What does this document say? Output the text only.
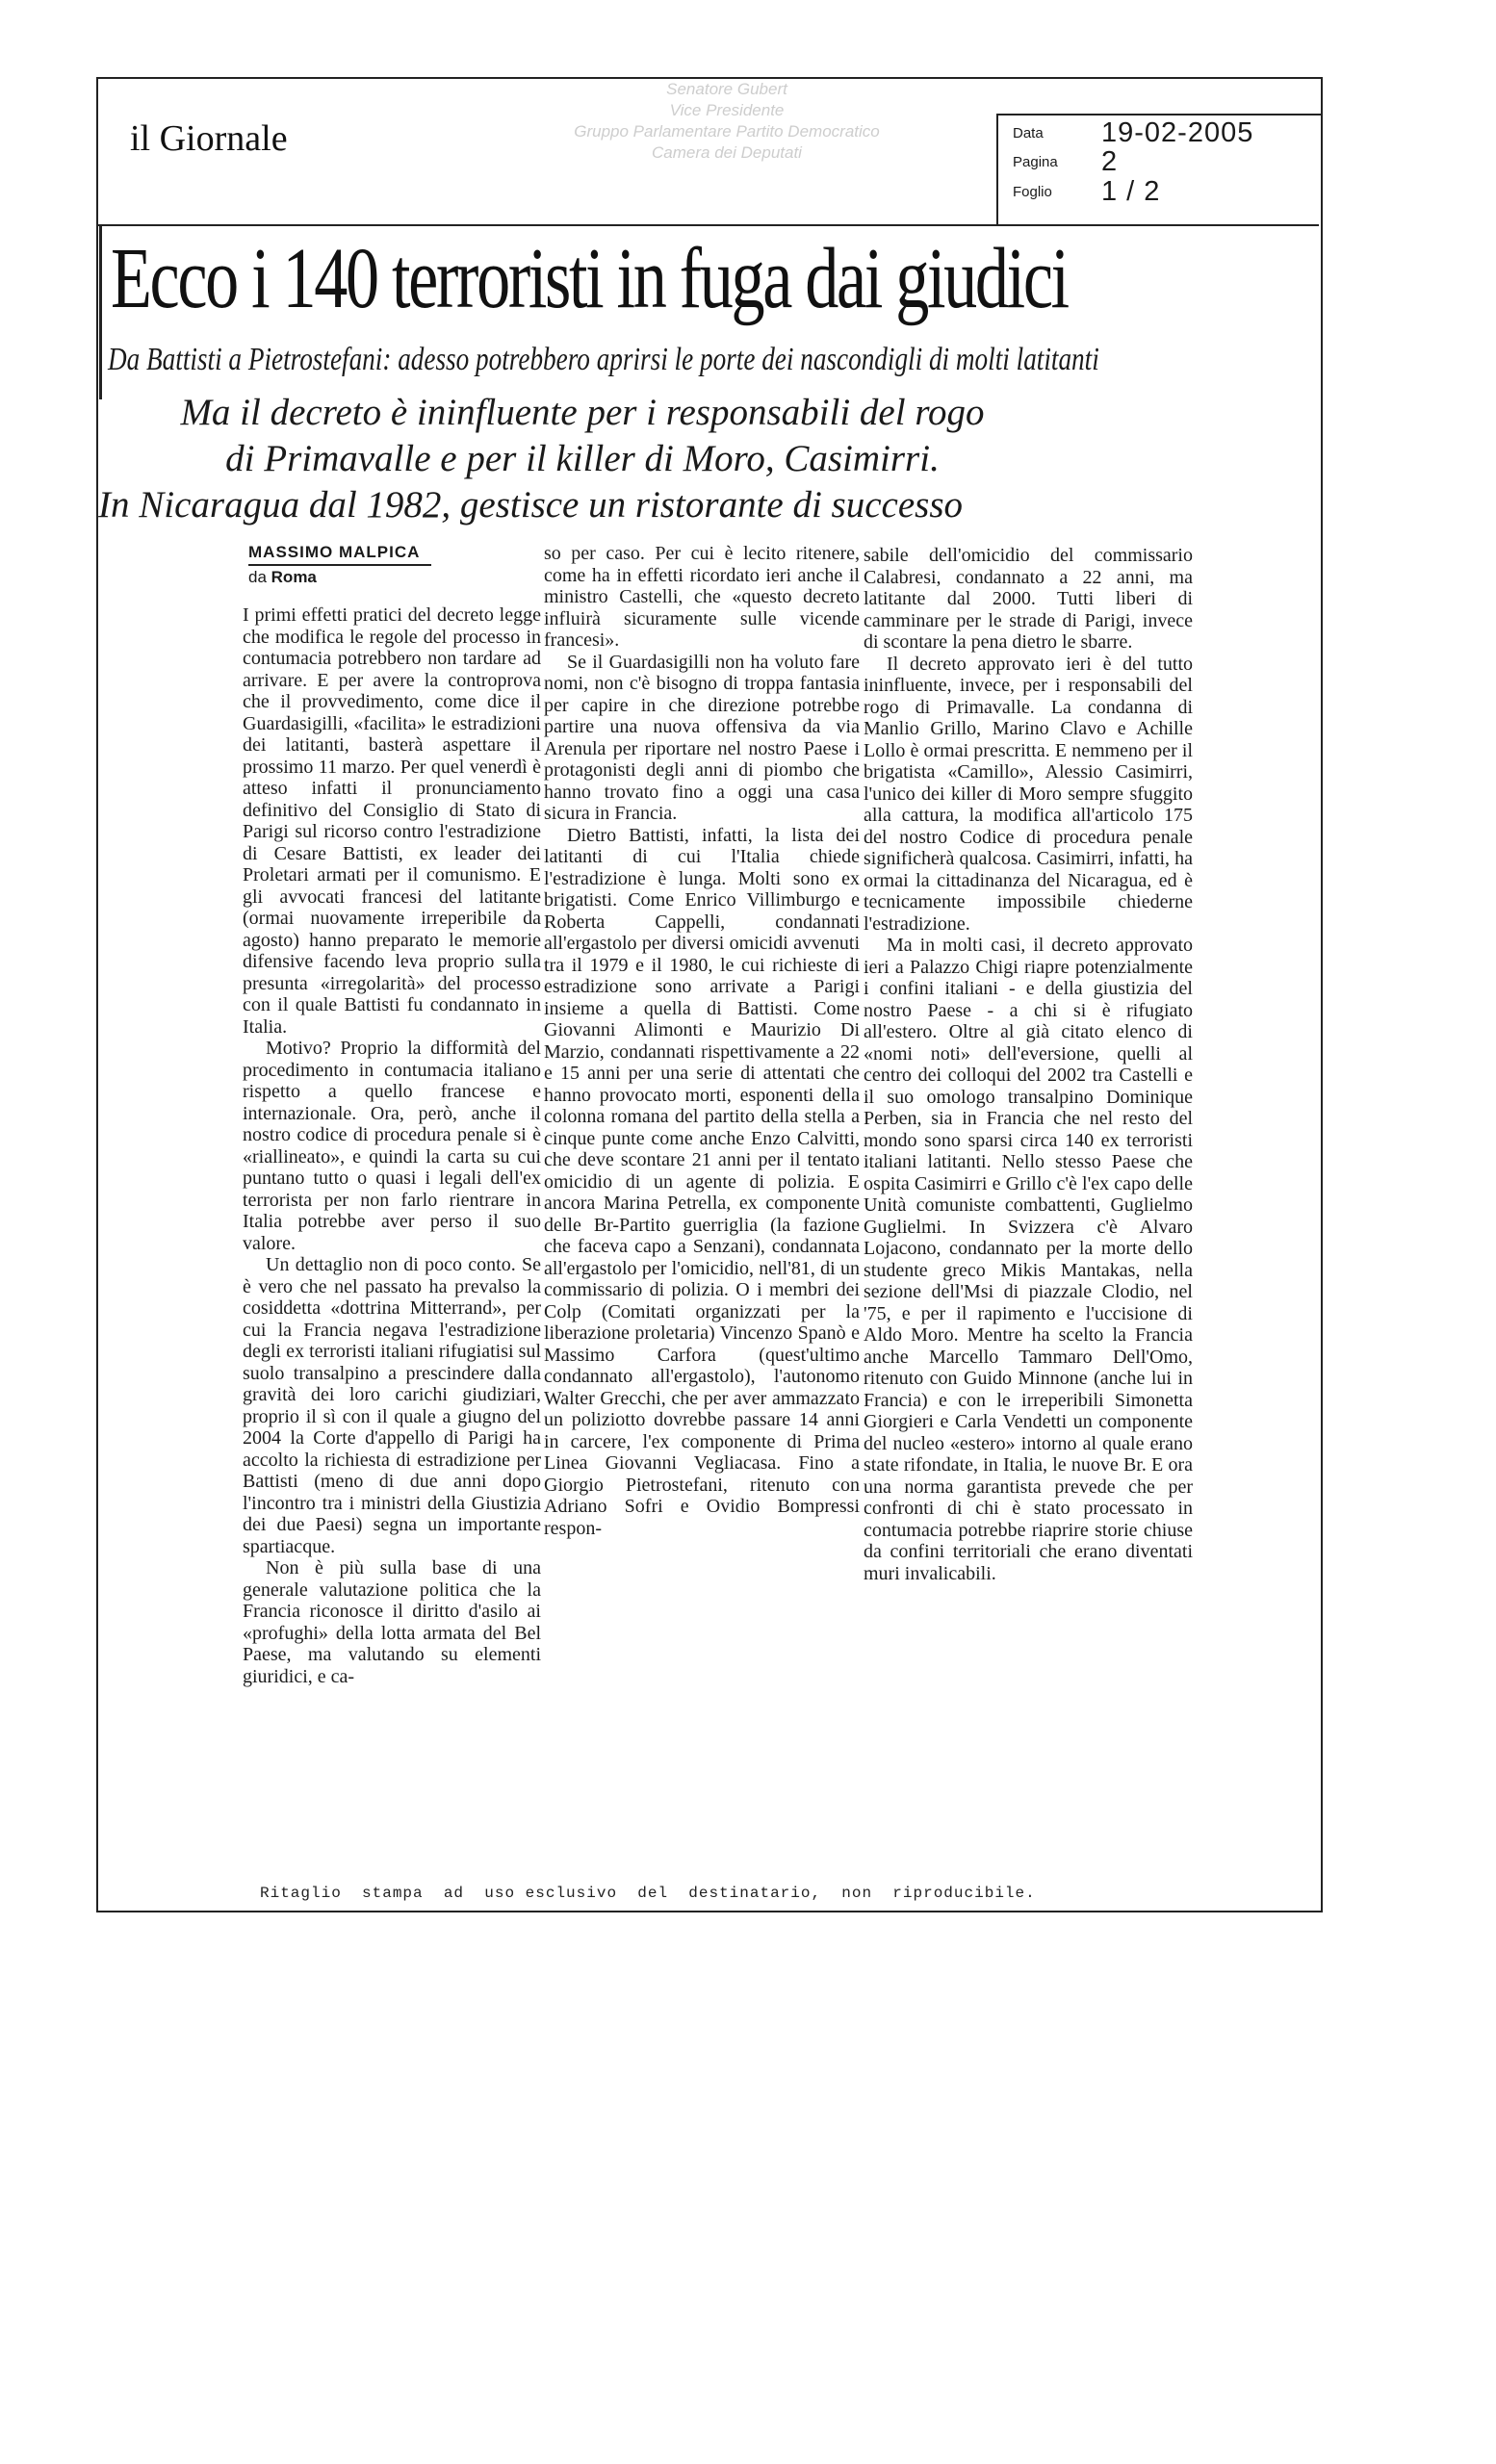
il Giornale
Senatore Gubert
Vice Presidente
Gruppo Parlamentare Partito Democratico
Camera dei Deputati
Data 19-02-2005
Pagina 2
Foglio 1 / 2
Ecco i 140 terroristi in fuga dai giudici
Da Battisti a Pietrostefani: adesso potrebbero aprirsi le porte dei nascondigli di molti latitanti
Ma il decreto è ininfluente per i responsabili del rogo
di Primavalle e per il killer di Moro, Casimirri.
In Nicaragua dal 1982, gestisce un ristorante di successo
MASSIMO MALPICA
da Roma

I primi effetti pratici del decreto legge che modifica le regole del processo in contumacia potrebbero non tardare ad arrivare. E per avere la controprova che il provvedimento, come dice il Guardasigilli, «facilita» le estradizioni dei latitanti, basterà aspettare il prossimo 11 marzo. Per quel venerdì è atteso infatti il pronunciamento definitivo del Consiglio di Stato di Parigi sul ricorso contro l'estradizione di Cesare Battisti, ex leader dei Proletari armati per il comunismo. E gli avvocati francesi del latitante (ormai nuovamente irreperibile da agosto) hanno preparato le memorie difensive facendo leva proprio sulla presunta «irregolarità» del processo con il quale Battisti fu condannato in Italia.

Motivo? Proprio la difformità del procedimento in contumacia italiano rispetto a quello francese e internazionale. Ora, però, anche il nostro codice di procedura penale si è «riallineato», e quindi la carta su cui puntano tutto o quasi i legali dell'ex terrorista per non farlo rientrare in Italia potrebbe aver perso il suo valore.

Un dettaglio non di poco conto. Se è vero che nel passato ha prevalso la cosiddetta «dottrina Mitterrand», per cui la Francia negava l'estradizione degli ex terroristi italiani rifugiatisi sul suolo transalpino a prescindere dalla gravità dei loro carichi giudiziari, proprio il sì con il quale a giugno del 2004 la Corte d'appello di Parigi ha accolto la richiesta di estradizione per Battisti (meno di due anni dopo l'incontro tra i ministri della Giustizia dei due Paesi) segna un importante spartiacque.

Non è più sulla base di una generale valutazione politica che la Francia riconosce il diritto d'asilo ai «profughi» della lotta armata del Bel Paese, ma valutando su elementi giuridici, e ca-

so per caso. Per cui è lecito ritenere, come ha in effetti ricordato ieri anche il ministro Castelli, che «questo decreto influirà sicuramente sulle vicende francesi».

Se il Guardasigilli non ha voluto fare nomi, non c'è bisogno di troppa fantasia per capire in che direzione potrebbe partire una nuova offensiva da via Arenula per riportare nel nostro Paese i protagonisti degli anni di piombo che hanno trovato fino a oggi una casa sicura in Francia.

Dietro Battisti, infatti, la lista dei latitanti di cui l'Italia chiede l'estradizione è lunga. Molti sono ex brigatisti. Come Enrico Villimburgo e Roberta Cappelli, condannati all'ergastolo per diversi omicidi avvenuti tra il 1979 e il 1980, le cui richieste di estradizione sono arrivate a Parigi insieme a quella di Battisti. Come Giovanni Alimonti e Maurizio Di Marzio, condannati rispettivamente a 22 e 15 anni per una serie di attentati che hanno provocato morti, esponenti della colonna romana del partito della stella a cinque punte come anche Enzo Calvitti, che deve scontare 21 anni per il tentato omicidio di un agente di polizia. E ancora Marina Petrella, ex componente delle Br-Partito guerriglia (la fazione che faceva capo a Senzani), condannata all'ergastolo per l'omicidio, nell'81, di un commissario di polizia. O i membri dei Colp (Comitati organizzati per la liberazione proletaria) Vincenzo Spanò e Massimo Carfora (quest'ultimo condannato all'ergastolo), l'autonomo Walter Grecchi, che per aver ammazzato un poliziotto dovrebbe passare 14 anni in carcere, l'ex componente di Prima Linea Giovanni Vegliacasa. Fino a Giorgio Pietrostefani, ritenuto con Adriano Sofri e Ovidio Bompressi respon-

sabile dell'omicidio del commissario Calabresi, condannato a 22 anni, ma latitante dal 2000. Tutti liberi di camminare per le strade di Parigi, invece di scontare la pena dietro le sbarre.

Il decreto approvato ieri è del tutto ininfluente, invece, per i responsabili del rogo di Primavalle. La condanna di Manlio Grillo, Marino Clavo e Achille Lollo è ormai prescritta. E nemmeno per il brigatista «Camillo», Alessio Casimirri, l'unico dei killer di Moro sempre sfuggito alla cattura, la modifica all'articolo 175 del nostro Codice di procedura penale significherà qualcosa. Casimirri, infatti, ha ormai la cittadinanza del Nicaragua, ed è tecnicamente impossibile chiederne l'estradizione.

Ma in molti casi, il decreto approvato ieri a Palazzo Chigi riapre potenzialmente i confini italiani - e della giustizia del nostro Paese - a chi si è rifugiato all'estero. Oltre al già citato elenco di «nomi noti» dell'eversione, quelli al centro dei colloqui del 2002 tra Castelli e il suo omologo transalpino Dominique Perben, sia in Francia che nel resto del mondo sono sparsi circa 140 ex terroristi italiani latitanti. Nello stesso Paese che ospita Casimirri e Grillo c'è l'ex capo delle Unità comuniste combattenti, Guglielmo Guglielmi. In Svizzera c'è Alvaro Lojacono, condannato per la morte dello studente greco Mikis Mantakas, nella sezione dell'Msi di piazzale Clodio, nel '75, e per il rapimento e l'uccisione di Aldo Moro. Mentre ha scelto la Francia anche Marcello Tammaro Dell'Omo, ritenuto con Guido Minnone (anche lui in Francia) e con le irreperibili Simonetta Giorgieri e Carla Vendetti un componente del nucleo «estero» intorno al quale erano state rifondate, in Italia, le nuove Br. E ora una norma garantista prevede che per confronti di chi è stato processato in contumacia potrebbe riaprire storie chiuse da confini territoriali che erano diventati muri invalicabili.

Ritaglio  stampa  ad  uso esclusivo  del  destinatario,  non  riproducibile.
